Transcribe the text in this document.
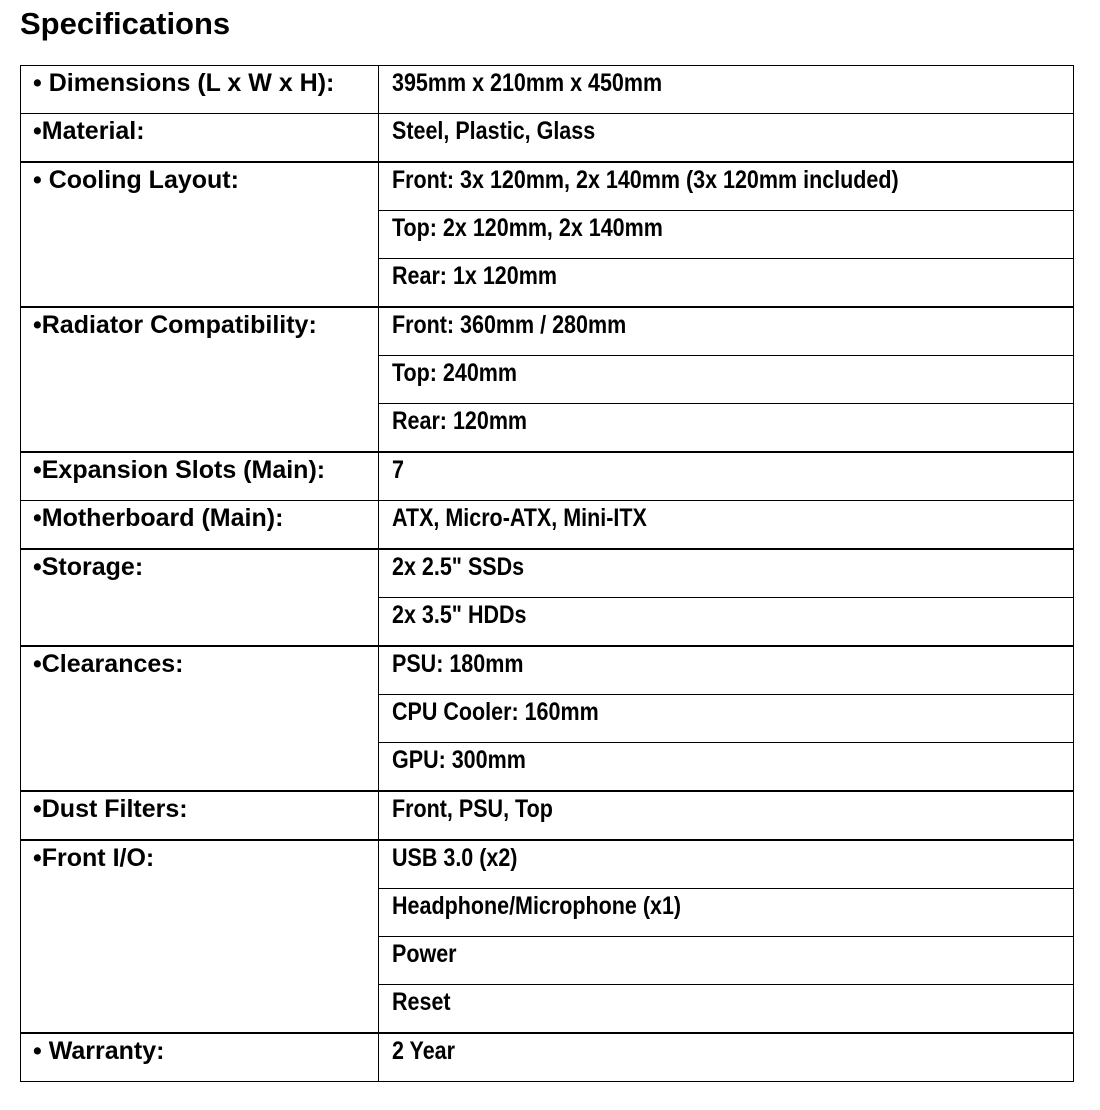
Specifications
• Dimensions (L x W x H):	395mm x 210mm x 450mm
•Material:	Steel, Plastic, Glass
• Cooling Layout:	Front: 3x 120mm, 2x 140mm (3x 120mm included)
	Top: 2x 120mm, 2x 140mm
	Rear: 1x 120mm
•Radiator Compatibility:	Front: 360mm / 280mm
	Top: 240mm
	Rear: 120mm
•Expansion Slots (Main):	7
•Motherboard (Main):	ATX, Micro-ATX, Mini-ITX
•Storage:	2x 2.5" SSDs
	2x 3.5" HDDs
•Clearances:	PSU: 180mm
	CPU Cooler: 160mm
	GPU: 300mm
•Dust Filters:	Front, PSU, Top
•Front I/O:	USB 3.0 (x2)
	Headphone/Microphone (x1)
	Power
	Reset
• Warranty:	2 Year
